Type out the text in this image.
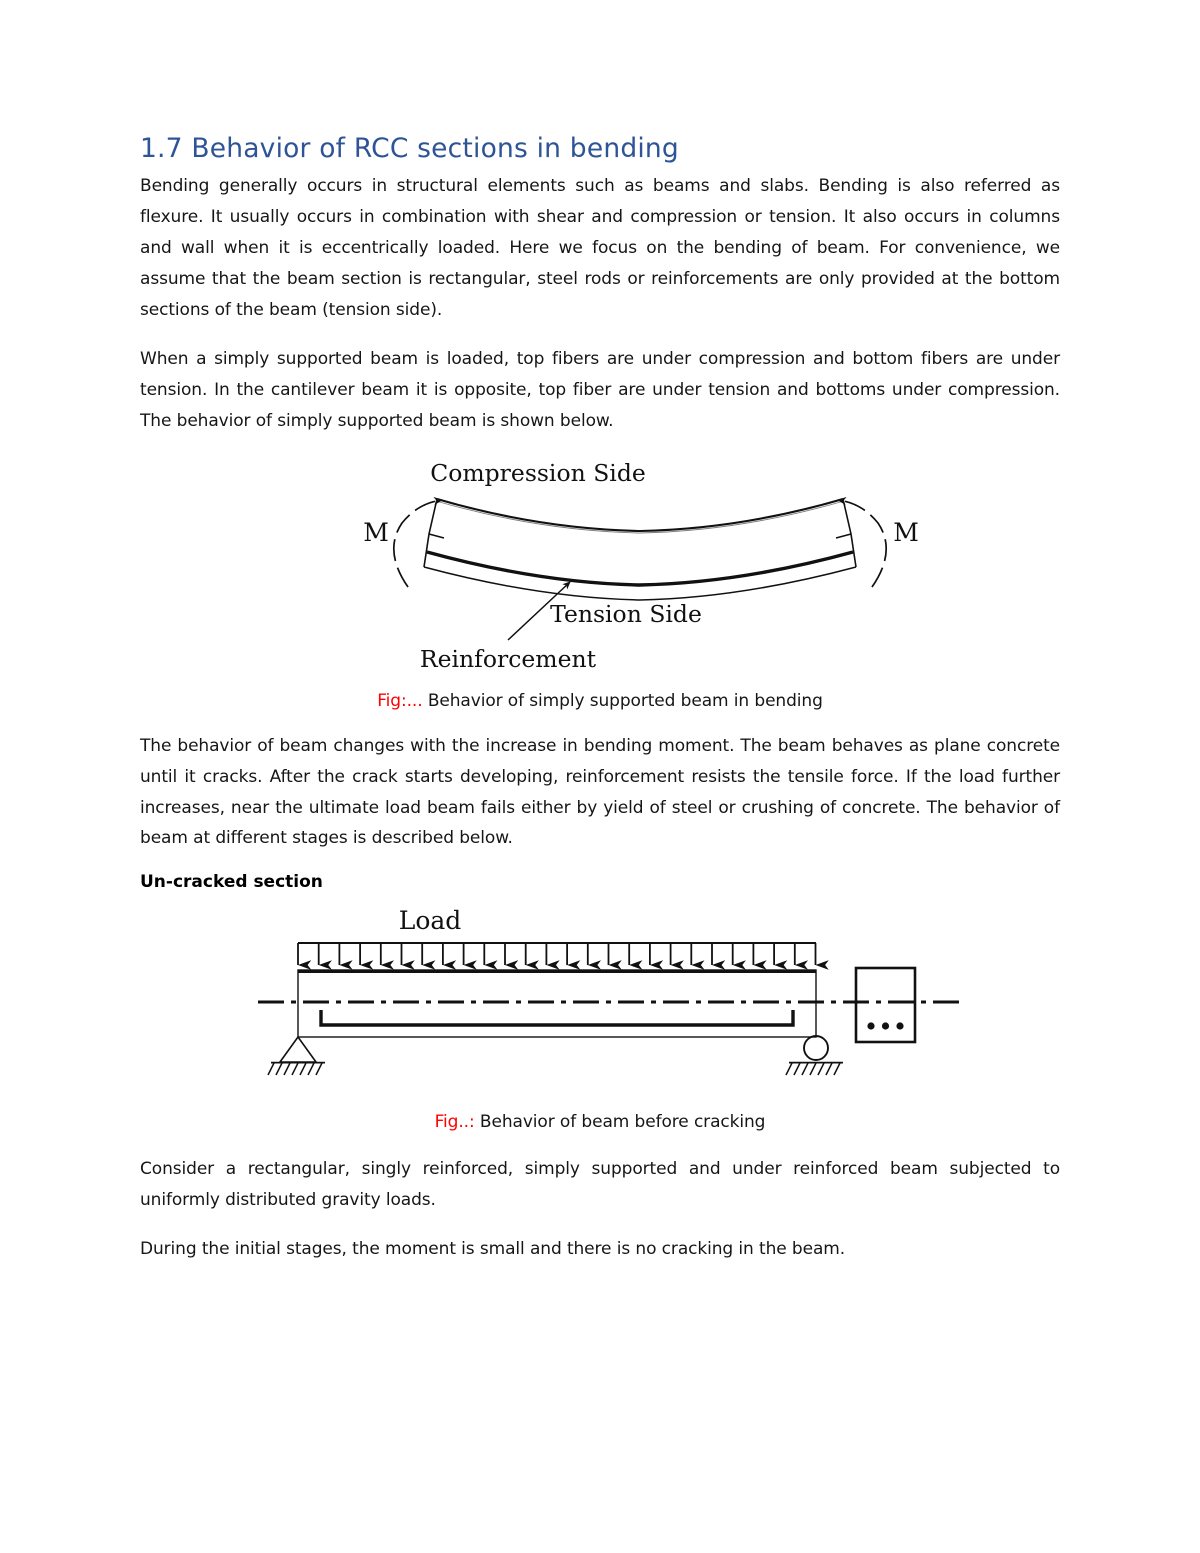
1.7 Behavior of RCC sections in bending

Bending generally occurs in structural elements such as beams and slabs. Bending is also referred as flexure. It usually occurs in combination with shear and compression or tension. It also occurs in columns and wall when it is eccentrically loaded. Here we focus on the bending of beam. For convenience, we assume that the beam section is rectangular, steel rods or reinforcements are only provided at the bottom sections of the beam (tension side).

When a simply supported beam is loaded, top fibers are under compression and bottom fibers are under tension. In the cantilever beam it is opposite, top fiber are under tension and bottoms under compression. The behavior of simply supported beam is shown below.

Compression Side
M	M
Tension Side
Reinforcement

Fig:... Behavior of simply supported beam in bending

The behavior of beam changes with the increase in bending moment. The beam behaves as plane concrete until it cracks. After the crack starts developing, reinforcement resists the tensile force. If the load further increases, near the ultimate load beam fails either by yield of steel or crushing of concrete. The behavior of beam at different stages is described below.

Un-cracked section
Load

Fig..: Behavior of beam before cracking

Consider a rectangular, singly reinforced, simply supported and under reinforced beam subjected to uniformly distributed gravity loads.

During the initial stages, the moment is small and there is no cracking in the beam.
